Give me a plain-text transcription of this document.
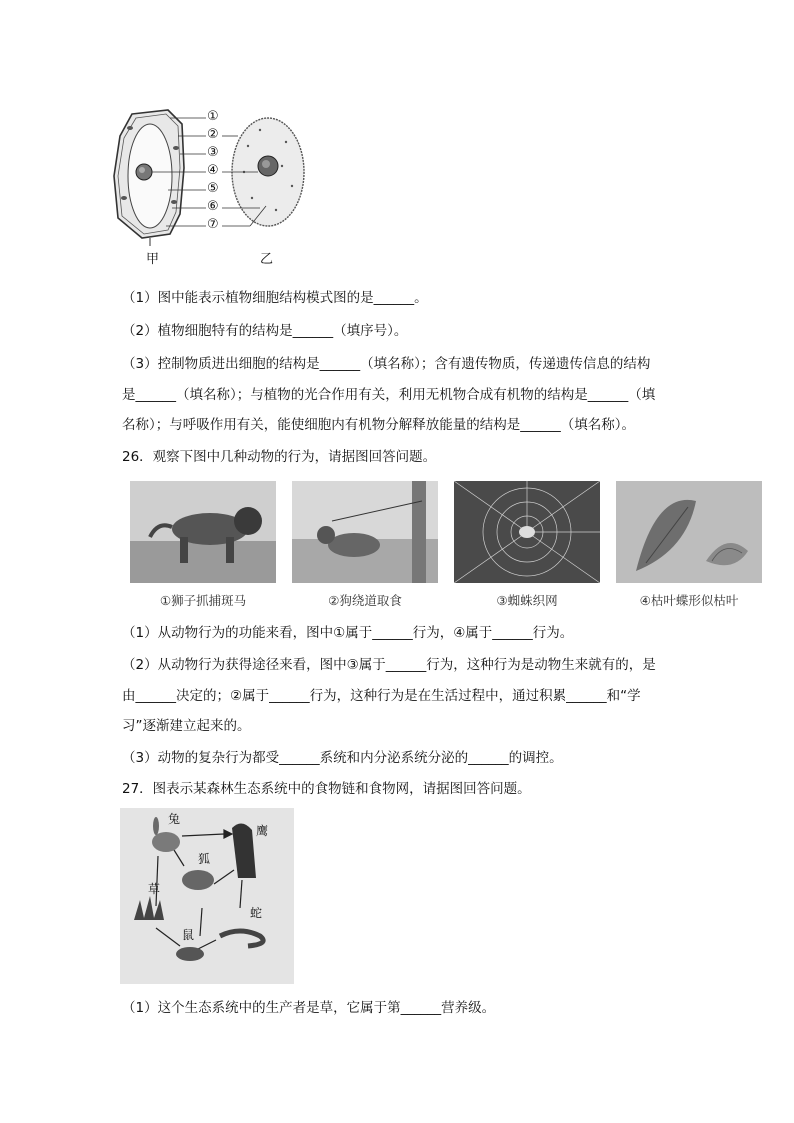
①
②
③
④
⑤
⑥
⑦
甲	乙
（1）图中能表示植物细胞结构模式图的是______。
（2）植物细胞特有的结构是______（填序号）。
（3）控制物质进出细胞的结构是______（填名称）；含有遗传物质，传递遗传信息的结构
是______（填名称）；与植物的光合作用有关，利用无机物合成有机物的结构是______（填
名称）；与呼吸作用有关，能使细胞内有机物分解释放能量的结构是______（填名称）。
26．观察下图中几种动物的行为，请据图回答问题。
①狮子抓捕斑马	②狗绕道取食	③蜘蛛织网	④枯叶蝶形似枯叶
（1）从动物行为的功能来看，图中①属于______行为，④属于______行为。
（2）从动物行为获得途径来看，图中③属于______行为，这种行为是动物生来就有的，是
由______决定的；②属于______行为，这种行为是在生活过程中，通过积累______和“学
习”逐渐建立起来的。
（3）动物的复杂行为都受______系统和内分泌系统分泌的______的调控。
27．图表示某森林生态系统中的食物链和食物网，请据图回答问题。
兔
鹰
狐
草
蛇
鼠
（1）这个生态系统中的生产者是草，它属于第______营养级。
